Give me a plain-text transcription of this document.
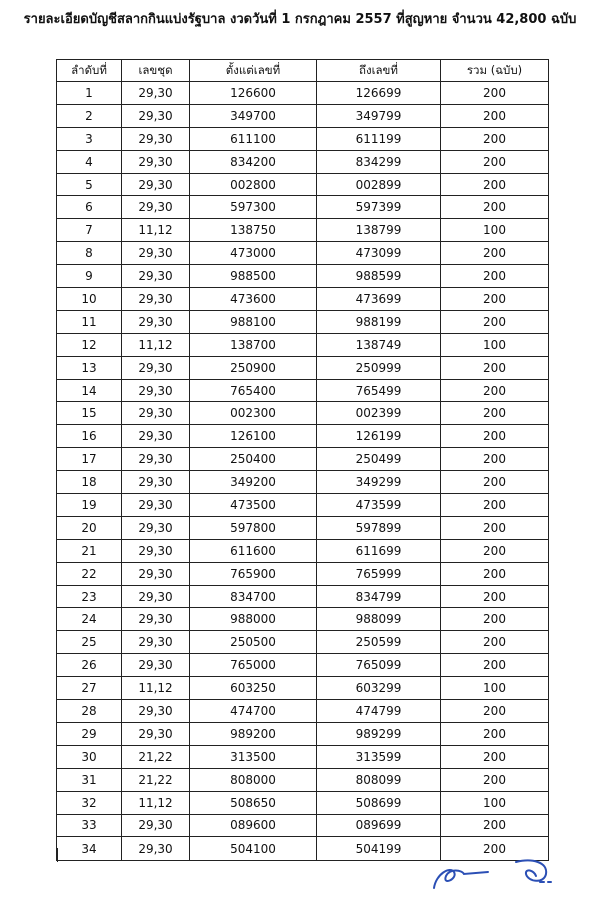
รายละเอียดบัญชีสลากกินแบ่งรัฐบาล งวดวันที่ 1 กรกฎาคม 2557 ที่สูญหาย จำนวน 42,800 ฉบับ
ลำดับที่	เลขชุด	ตั้งแต่เลขที่	ถึงเลขที่	รวม (ฉบับ)
1	29,30	126600	126699	200
2	29,30	349700	349799	200
3	29,30	611100	611199	200
4	29,30	834200	834299	200
5	29,30	002800	002899	200
6	29,30	597300	597399	200
7	11,12	138750	138799	100
8	29,30	473000	473099	200
9	29,30	988500	988599	200
10	29,30	473600	473699	200
11	29,30	988100	988199	200
12	11,12	138700	138749	100
13	29,30	250900	250999	200
14	29,30	765400	765499	200
15	29,30	002300	002399	200
16	29,30	126100	126199	200
17	29,30	250400	250499	200
18	29,30	349200	349299	200
19	29,30	473500	473599	200
20	29,30	597800	597899	200
21	29,30	611600	611699	200
22	29,30	765900	765999	200
23	29,30	834700	834799	200
24	29,30	988000	988099	200
25	29,30	250500	250599	200
26	29,30	765000	765099	200
27	11,12	603250	603299	100
28	29,30	474700	474799	200
29	29,30	989200	989299	200
30	21,22	313500	313599	200
31	21,22	808000	808099	200
32	11,12	508650	508699	100
33	29,30	089600	089699	200
34	29,30	504100	504199	200
